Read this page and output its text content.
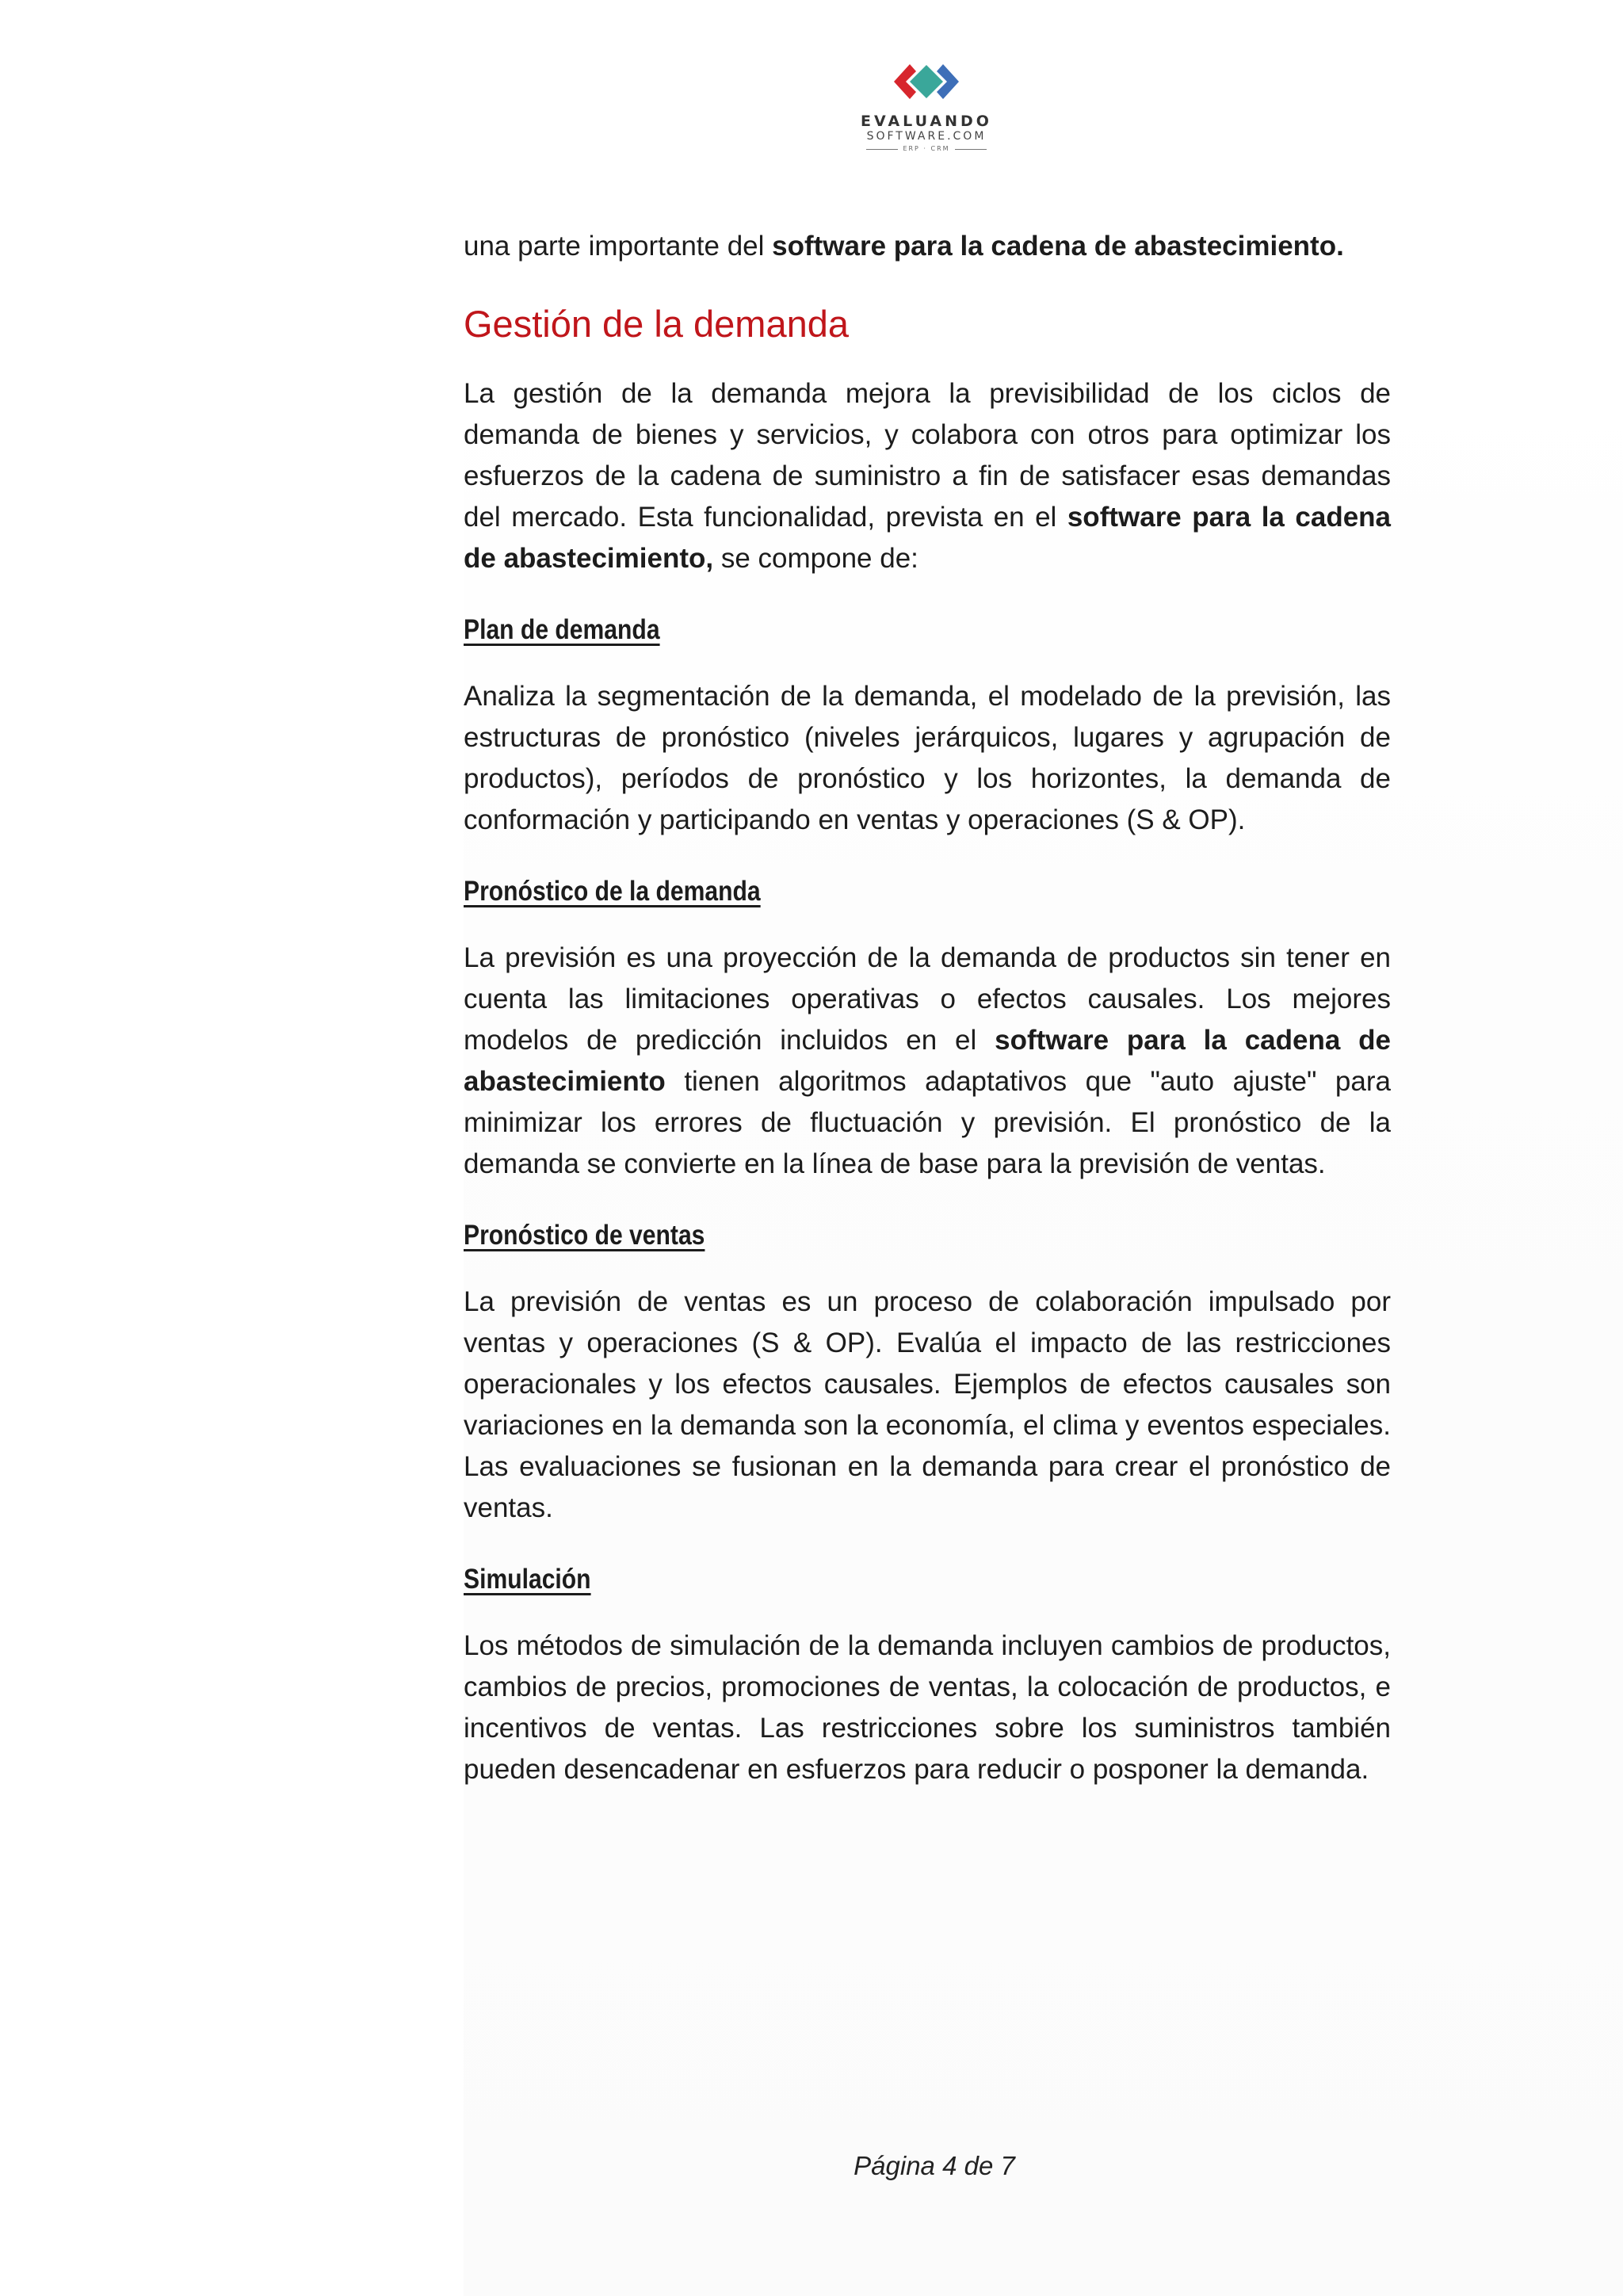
EVALUANDO
SOFTWARE.COM
ERP · CRM

una parte importante del software para la cadena de abastecimiento.

Gestión de la demanda

La gestión de la demanda mejora la previsibilidad de los ciclos de demanda de bienes y servicios, y colabora con otros para optimizar los esfuerzos de la cadena de suministro a fin de satisfacer esas demandas del mercado. Esta funcionalidad, prevista en el software para la cadena de abastecimiento, se compone de:

Plan de demanda

Analiza la segmentación de la demanda, el modelado de la previsión, las estructuras de pronóstico (niveles jerárquicos, lugares y agrupación de productos), períodos de pronóstico y los horizontes, la demanda de conformación y participando en ventas y operaciones (S & OP).

Pronóstico de la demanda

La previsión es una proyección de la demanda de productos sin tener en cuenta las limitaciones operativas o efectos causales. Los mejores modelos de predicción incluidos en el software para la cadena de abastecimiento tienen algoritmos adaptativos que "auto ajuste" para minimizar los errores de fluctuación y previsión. El pronóstico de la demanda se convierte en la línea de base para la previsión de ventas.

Pronóstico de ventas

La previsión de ventas es un proceso de colaboración impulsado por ventas y operaciones (S & OP). Evalúa el impacto de las restricciones operacionales y los efectos causales. Ejemplos de efectos causales son variaciones en la demanda son la economía, el clima y eventos especiales. Las evaluaciones se fusionan en la demanda para crear el pronóstico de ventas.

Simulación

Los métodos de simulación de la demanda incluyen cambios de productos, cambios de precios, promociones de ventas, la colocación de productos, e incentivos de ventas. Las restricciones sobre los suministros también pueden desencadenar en esfuerzos para reducir o posponer la demanda.

Página 4 de 7
